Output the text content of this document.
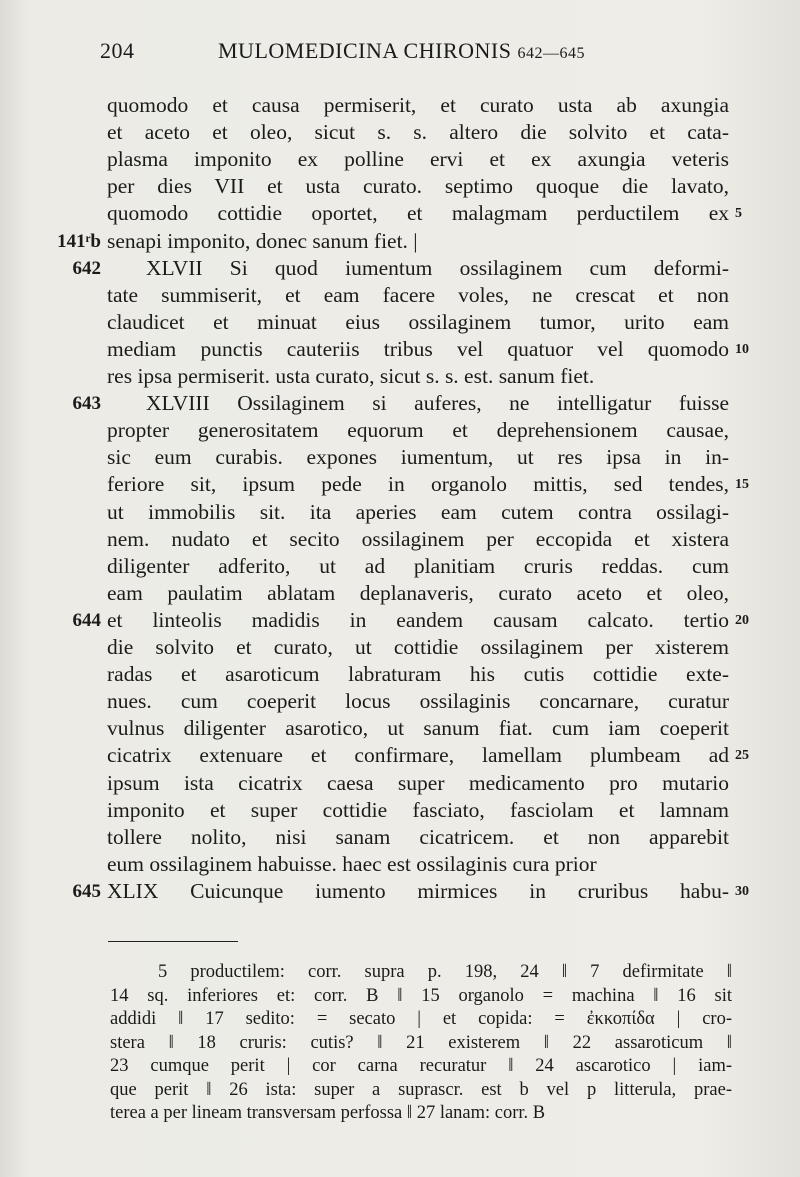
204	MULOMEDICINA CHIRONIS 642—645
quomodo et causa permiserit, et curato usta ab axungia
et aceto et oleo, sicut s. s. altero die solvito et cata-
plasma imponito ex polline ervi et ex axungia veteris
per dies VII et usta curato. septimo quoque die lavato,
quomodo cottidie oportet, et malagmam perductilem ex 5
141ʳb senapi imponito, donec sanum fiet. |
642 XLVII Si quod iumentum ossilaginem cum deformi-
tate summiserit, et eam facere voles, ne crescat et non
claudicet et minuat eius ossilaginem tumor, urito eam
mediam punctis cauteriis tribus vel quatuor vel quomodo 10
res ipsa permiserit. usta curato, sicut s. s. est. sanum fiet.
643 XLVIII Ossilaginem si auferes, ne intelligatur fuisse
propter generositatem equorum et deprehensionem causae,
sic eum curabis. expones iumentum, ut res ipsa in in-
feriore sit, ipsum pede in organolo mittis, sed tendes, 15
ut immobilis sit. ita aperies eam cutem contra ossilagi-
nem. nudato et secito ossilaginem per eccopida et xistera
diligenter adferito, ut ad planitiam cruris reddas. cum
eam paulatim ablatam deplanaveris, curato aceto et oleo,
644 et linteolis madidis in eandem causam calcato. tertio 20
die solvito et curato, ut cottidie ossilaginem per xisterem
radas et asaroticum labraturam his cutis cottidie exte-
nues. cum coeperit locus ossilaginis concarnare, curatur
vulnus diligenter asarotico, ut sanum fiat. cum iam coeperit
cicatrix extenuare et confirmare, lamellam plumbeam ad 25
ipsum ista cicatrix caesa super medicamento pro mutario
imponito et super cottidie fasciato, fasciolam et lamnam
tollere nolito, nisi sanam cicatricem. et non apparebit
eum ossilaginem habuisse. haec est ossilaginis cura prior
645 XLIX Cuicunque iumento mirmices in cruribus habu- 30
5 productilem: corr. supra p. 198, 24 ‖ 7 defirmitate ‖
14 sq. inferiores et: corr. B ‖ 15 organolo = machina ‖ 16 sit
addidi ‖ 17 sedito: = secato | et copida: = ἐκκοπίδα | cro-
stera ‖ 18 cruris: cutis? ‖ 21 existerem ‖ 22 assaroticum ‖
23 cumque perit | cor carna recuratur ‖ 24 ascarotico | iam-
que perit ‖ 26 ista: super a suprascr. est b vel p litterula, prae-
terea a per lineam transversam perfossa ‖ 27 lanam: corr. B
